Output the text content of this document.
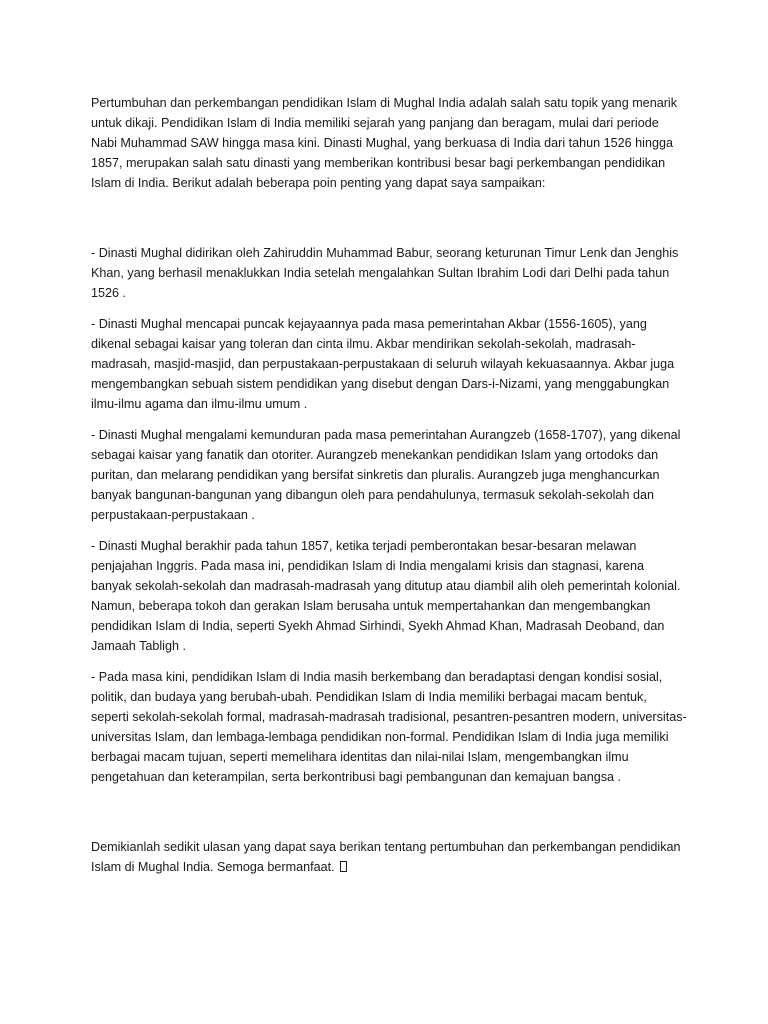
Pertumbuhan dan perkembangan pendidikan Islam di Mughal India adalah salah satu topik yang menarik untuk dikaji. Pendidikan Islam di India memiliki sejarah yang panjang dan beragam, mulai dari periode Nabi Muhammad SAW hingga masa kini. Dinasti Mughal, yang berkuasa di India dari tahun 1526 hingga 1857, merupakan salah satu dinasti yang memberikan kontribusi besar bagi perkembangan pendidikan Islam di India. Berikut adalah beberapa poin penting yang dapat saya sampaikan:

- Dinasti Mughal didirikan oleh Zahiruddin Muhammad Babur, seorang keturunan Timur Lenk dan Jenghis Khan, yang berhasil menaklukkan India setelah mengalahkan Sultan Ibrahim Lodi dari Delhi pada tahun 1526 .

- Dinasti Mughal mencapai puncak kejayaannya pada masa pemerintahan Akbar (1556-1605), yang dikenal sebagai kaisar yang toleran dan cinta ilmu. Akbar mendirikan sekolah-sekolah, madrasah-madrasah, masjid-masjid, dan perpustakaan-perpustakaan di seluruh wilayah kekuasaannya. Akbar juga mengembangkan sebuah sistem pendidikan yang disebut dengan Dars-i-Nizami, yang menggabungkan ilmu-ilmu agama dan ilmu-ilmu umum .

- Dinasti Mughal mengalami kemunduran pada masa pemerintahan Aurangzeb (1658-1707), yang dikenal sebagai kaisar yang fanatik dan otoriter. Aurangzeb menekankan pendidikan Islam yang ortodoks dan puritan, dan melarang pendidikan yang bersifat sinkretis dan pluralis. Aurangzeb juga menghancurkan banyak bangunan-bangunan yang dibangun oleh para pendahulunya, termasuk sekolah-sekolah dan perpustakaan-perpustakaan .

- Dinasti Mughal berakhir pada tahun 1857, ketika terjadi pemberontakan besar-besaran melawan penjajahan Inggris. Pada masa ini, pendidikan Islam di India mengalami krisis dan stagnasi, karena banyak sekolah-sekolah dan madrasah-madrasah yang ditutup atau diambil alih oleh pemerintah kolonial. Namun, beberapa tokoh dan gerakan Islam berusaha untuk mempertahankan dan mengembangkan pendidikan Islam di India, seperti Syekh Ahmad Sirhindi, Syekh Ahmad Khan, Madrasah Deoband, dan Jamaah Tabligh .

- Pada masa kini, pendidikan Islam di India masih berkembang dan beradaptasi dengan kondisi sosial, politik, dan budaya yang berubah-ubah. Pendidikan Islam di India memiliki berbagai macam bentuk, seperti sekolah-sekolah formal, madrasah-madrasah tradisional, pesantren-pesantren modern, universitas-universitas Islam, dan lembaga-lembaga pendidikan non-formal. Pendidikan Islam di India juga memiliki berbagai macam tujuan, seperti memelihara identitas dan nilai-nilai Islam, mengembangkan ilmu pengetahuan dan keterampilan, serta berkontribusi bagi pembangunan dan kemajuan bangsa .

Demikianlah sedikit ulasan yang dapat saya berikan tentang pertumbuhan dan perkembangan pendidikan Islam di Mughal India. Semoga bermanfaat.
